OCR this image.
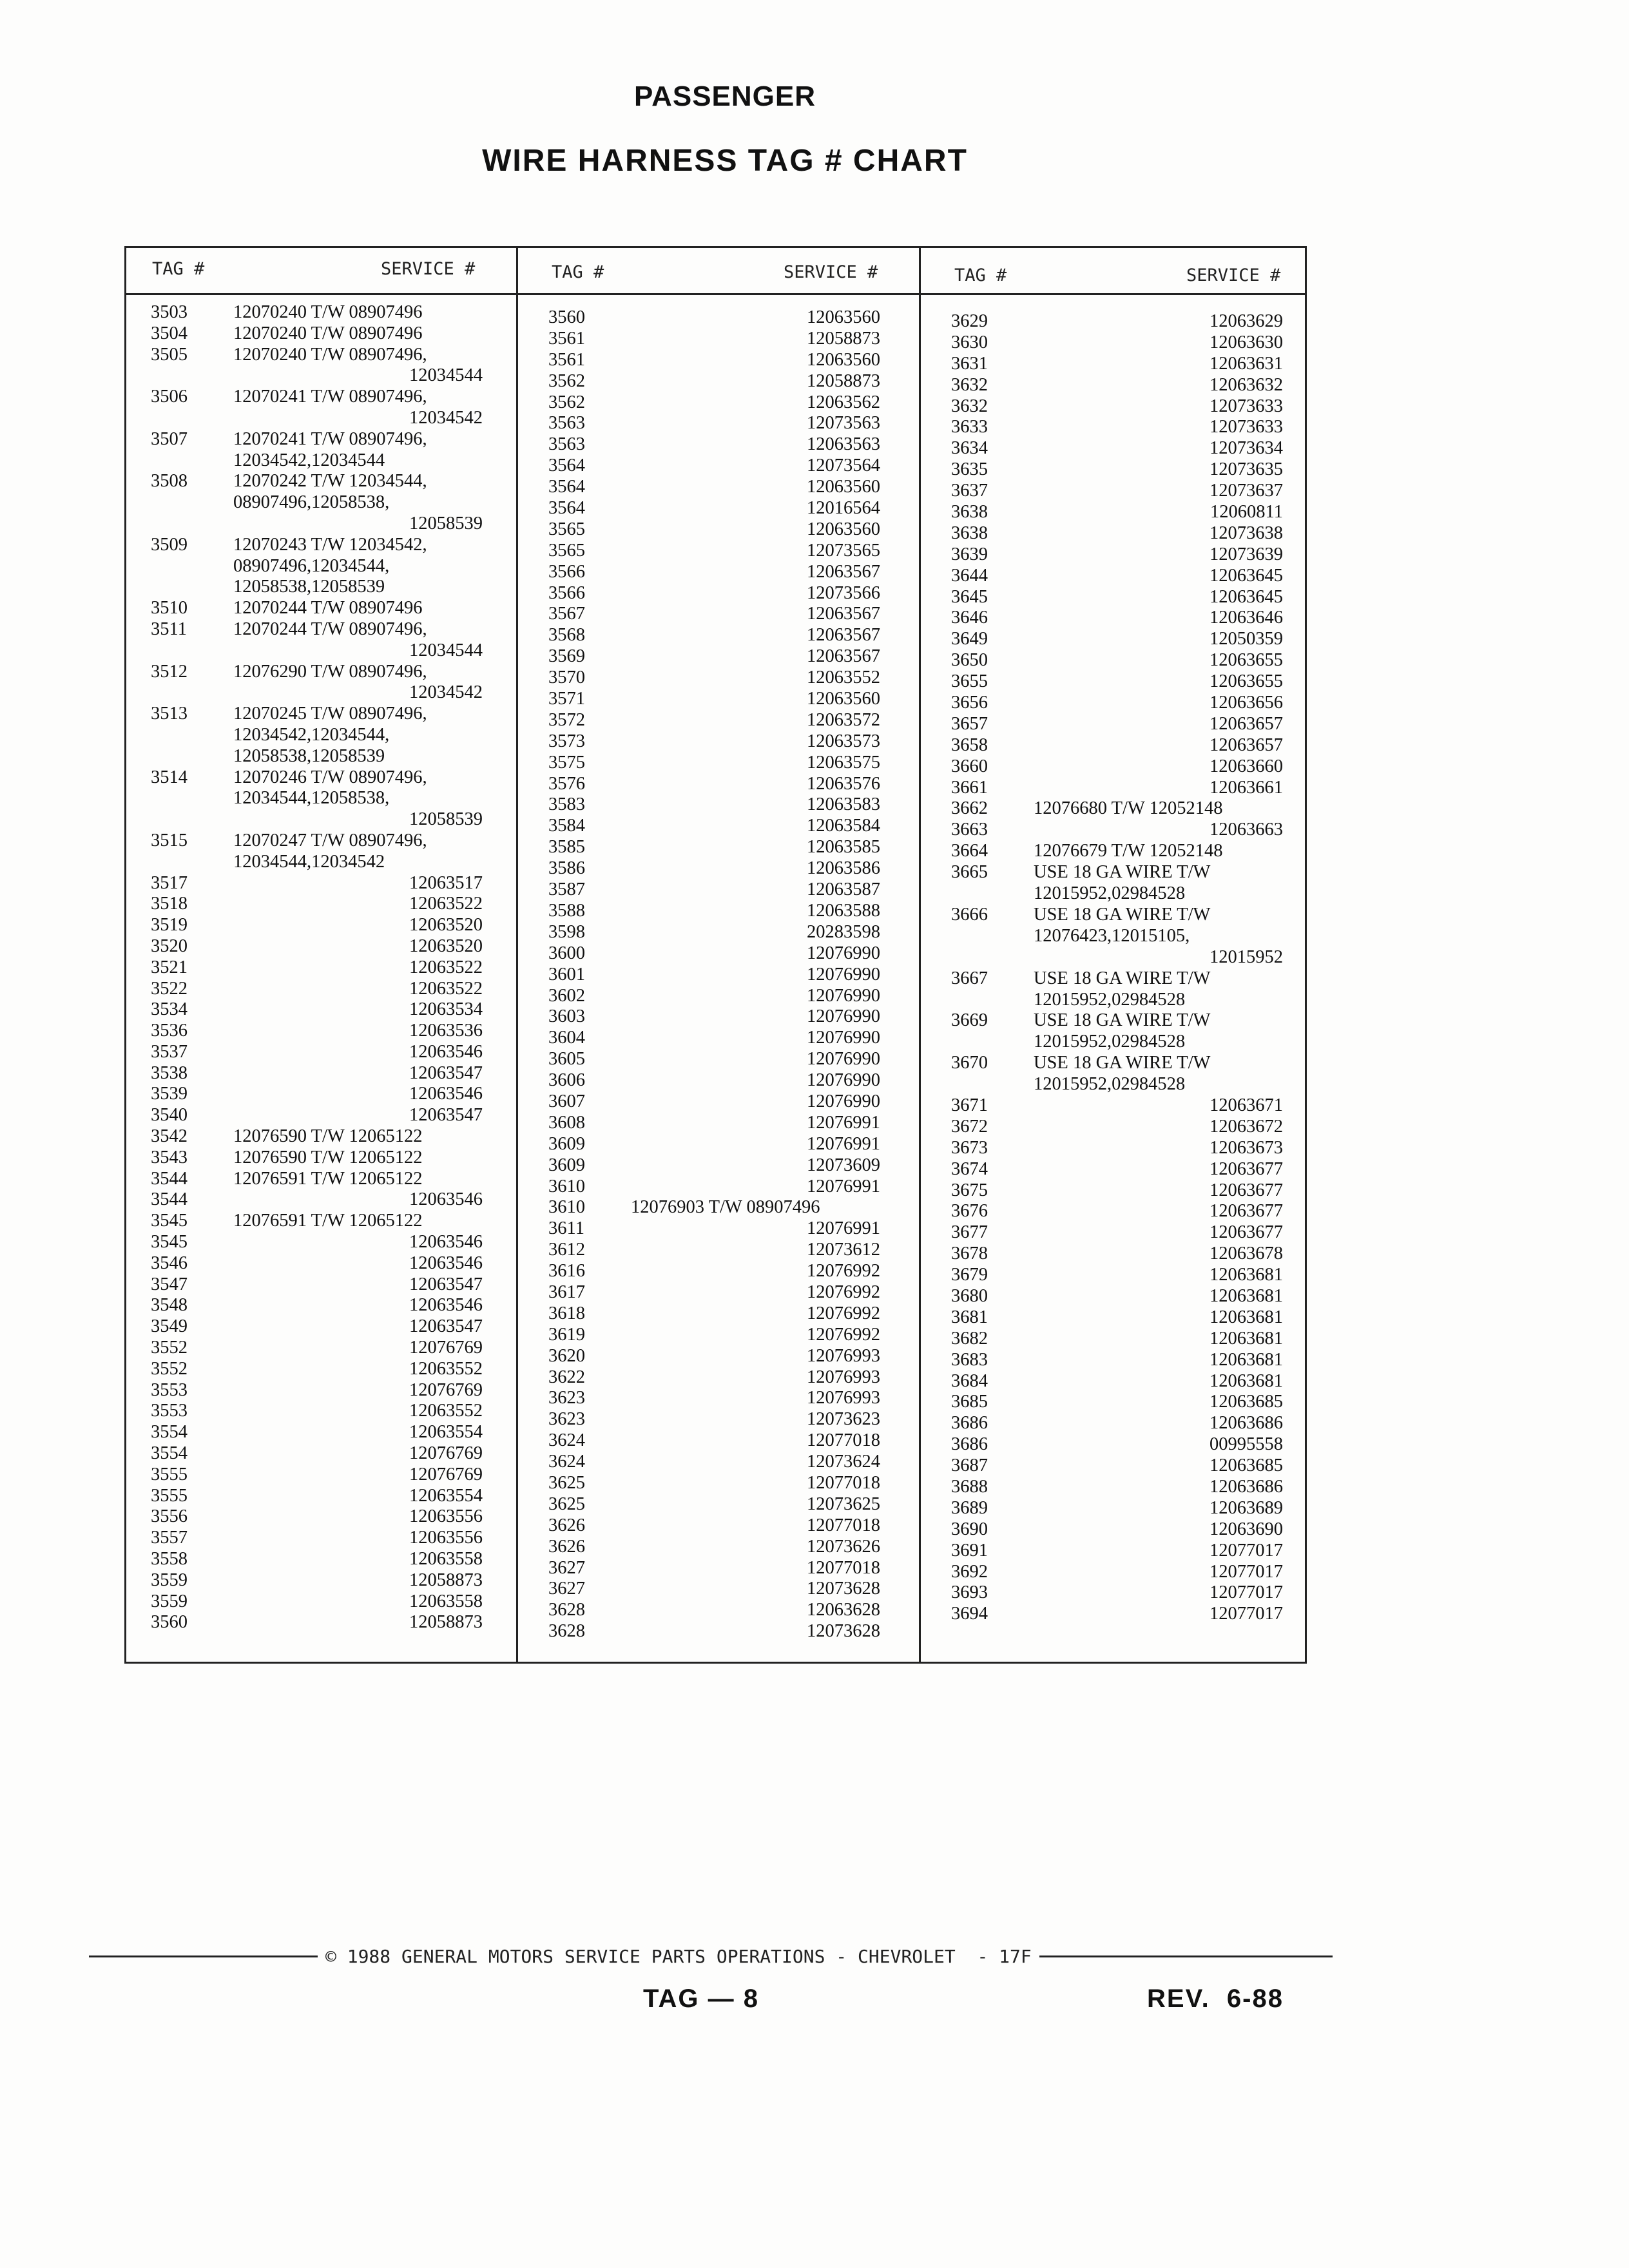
PASSENGER
WIRE HARNESS TAG # CHART
TAG #	SERVICE #	TAG #	SERVICE #	TAG #	SERVICE #
3503	12070240 T/W 08907496
3504	12070240 T/W 08907496
3505	12070240 T/W 08907496,
12034544
3506	12070241 T/W 08907496,
12034542
3507	12070241 T/W 08907496,
12034542,12034544
3508	12070242 T/W 12034544,
08907496,12058538,
12058539
3509	12070243 T/W 12034542,
08907496,12034544,
12058538,12058539
3510	12070244 T/W 08907496
3511	12070244 T/W 08907496,
12034544
3512	12076290 T/W 08907496,
12034542
3513	12070245 T/W 08907496,
12034542,12034544,
12058538,12058539
3514	12070246 T/W 08907496,
12034544,12058538,
12058539
3515	12070247 T/W 08907496,
12034544,12034542
3517	12063517
3518	12063522
3519	12063520
3520	12063520
3521	12063522
3522	12063522
3534	12063534
3536	12063536
3537	12063546
3538	12063547
3539	12063546
3540	12063547
3542	12076590 T/W 12065122
3543	12076590 T/W 12065122
3544	12076591 T/W 12065122
3544	12063546
3545	12076591 T/W 12065122
3545	12063546
3546	12063546
3547	12063547
3548	12063546
3549	12063547
3552	12076769
3552	12063552
3553	12076769
3553	12063552
3554	12063554
3554	12076769
3555	12076769
3555	12063554
3556	12063556
3557	12063556
3558	12063558
3559	12058873
3559	12063558
3560	12058873
3560	12063560
3561	12058873
3561	12063560
3562	12058873
3562	12063562
3563	12073563
3563	12063563
3564	12073564
3564	12063560
3564	12016564
3565	12063560
3565	12073565
3566	12063567
3566	12073566
3567	12063567
3568	12063567
3569	12063567
3570	12063552
3571	12063560
3572	12063572
3573	12063573
3575	12063575
3576	12063576
3583	12063583
3584	12063584
3585	12063585
3586	12063586
3587	12063587
3588	12063588
3598	20283598
3600	12076990
3601	12076990
3602	12076990
3603	12076990
3604	12076990
3605	12076990
3606	12076990
3607	12076990
3608	12076991
3609	12076991
3609	12073609
3610	12076991
3610	12076903 T/W 08907496
3611	12076991
3612	12073612
3616	12076992
3617	12076992
3618	12076992
3619	12076992
3620	12076993
3622	12076993
3623	12076993
3623	12073623
3624	12077018
3624	12073624
3625	12077018
3625	12073625
3626	12077018
3626	12073626
3627	12077018
3627	12073628
3628	12063628
3628	12073628
3629	12063629
3630	12063630
3631	12063631
3632	12063632
3632	12073633
3633	12073633
3634	12073634
3635	12073635
3637	12073637
3638	12060811
3638	12073638
3639	12073639
3644	12063645
3645	12063645
3646	12063646
3649	12050359
3650	12063655
3655	12063655
3656	12063656
3657	12063657
3658	12063657
3660	12063660
3661	12063661
3662	12076680 T/W 12052148
3663	12063663
3664	12076679 T/W 12052148
3665	USE 18 GA WIRE T/W
12015952,02984528
3666	USE 18 GA WIRE T/W
12076423,12015105,
12015952
3667	USE 18 GA WIRE T/W
12015952,02984528
3669	USE 18 GA WIRE T/W
12015952,02984528
3670	USE 18 GA WIRE T/W
12015952,02984528
3671	12063671
3672	12063672
3673	12063673
3674	12063677
3675	12063677
3676	12063677
3677	12063677
3678	12063678
3679	12063681
3680	12063681
3681	12063681
3682	12063681
3683	12063681
3684	12063681
3685	12063685
3686	12063686
3686	00995558
3687	12063685
3688	12063686
3689	12063689
3690	12063690
3691	12077017
3692	12077017
3693	12077017
3694	12077017
© 1988 GENERAL MOTORS SERVICE PARTS OPERATIONS - CHEVROLET  - 17F
TAG — 8	REV.  6-88
